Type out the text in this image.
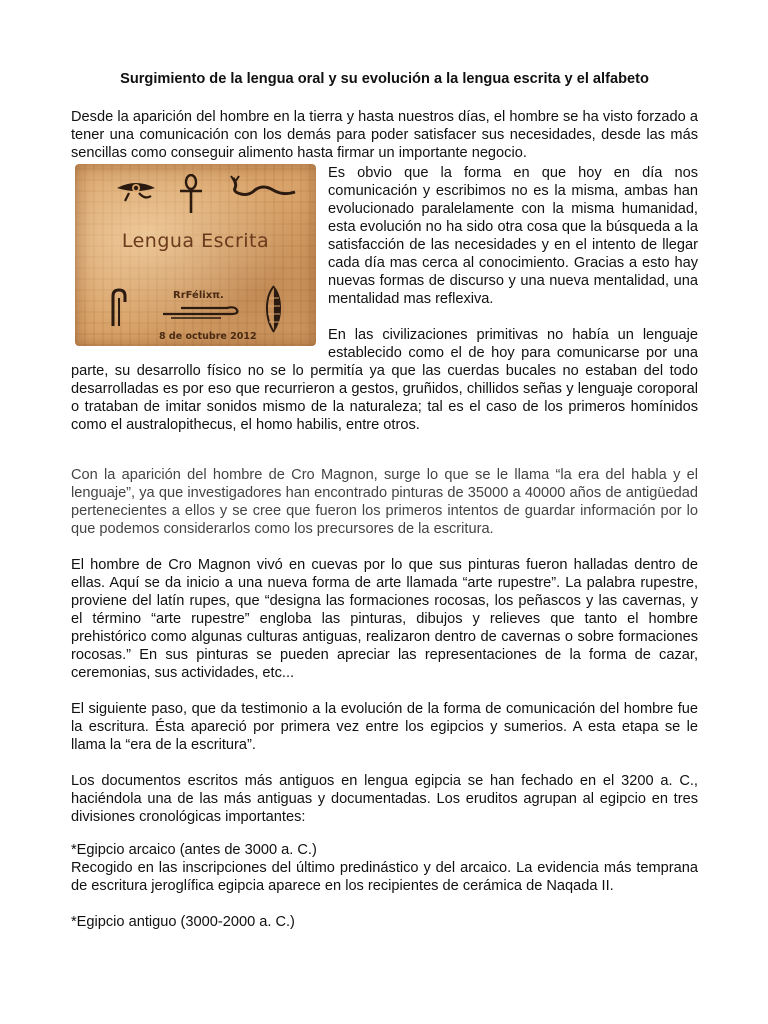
Surgimiento de la lengua oral y su evolución a la lengua escrita y el alfabeto

Desde la aparición del hombre en la tierra y hasta nuestros días, el hombre se ha visto forzado a tener una comunicación con los demás para poder satisfacer sus necesidades, desde las más sencillas como conseguir alimento hasta firmar un importante negocio.

Lengua Escrita
RrFélixπ.
8 de octubre 2012

Es obvio que la forma en que hoy en día nos comunicación y escribimos no es la misma, ambas han evolucionado paralelamente con la misma humanidad, esta evolución no ha sido otra cosa que la búsqueda a la satisfacción de las necesidades y en el intento de llegar cada día mas cerca al conocimiento. Gracias a esto hay nuevas formas de discurso y una nueva mentalidad, una mentalidad mas reflexiva.

En las civilizaciones primitivas no había un lenguaje establecido como el de hoy para comunicarse por una parte, su desarrollo físico no se lo permitía ya que las cuerdas bucales no estaban del todo desarrolladas es por eso que recurrieron a gestos, gruñidos, chillidos señas y lenguaje coroporal o trataban de imitar sonidos mismo de la naturaleza; tal es el caso de los primeros homínidos como el australopithecus, el homo habilis, entre otros.

Con la aparición del hombre de Cro Magnon, surge lo que se le llama “la era del habla y el lenguaje”, ya que investigadores han encontrado pinturas de 35000 a 40000 años de antigüedad pertenecientes a ellos y se cree que fueron los primeros intentos de guardar información por lo que podemos considerarlos como los precursores de la escritura.

El hombre de Cro Magnon vivó en cuevas por lo que sus pinturas fueron halladas dentro de ellas. Aquí se da inicio a una nueva forma de arte llamada “arte rupestre”. La palabra rupestre, proviene del latín rupes, que “designa las formaciones rocosas, los peñascos y las cavernas, y el término “arte rupestre” engloba las pinturas, dibujos y relieves que tanto el hombre prehistórico como algunas culturas antiguas, realizaron dentro de cavernas o sobre formaciones rocosas.” En sus pinturas se pueden apreciar las representaciones de la forma de cazar, ceremonias, sus actividades, etc...

El siguiente paso, que da testimonio a la evolución de la forma de comunicación del hombre fue la escritura. Ésta apareció por primera vez entre los egipcios y sumerios. A esta etapa se le llama la “era de la escritura”.

Los documentos escritos más antiguos en lengua egipcia se han fechado en el 3200 a. C., haciéndola una de las más antiguas y documentadas. Los eruditos agrupan al egipcio en tres divisiones cronológicas importantes:

*Egipcio arcaico (antes de 3000 a. C.)

Recogido en las inscripciones del último predinástico y del arcaico. La evidencia más temprana de escritura jeroglífica egipcia aparece en los recipientes de cerámica de Naqada II.

*Egipcio antiguo (3000-2000 a. C.)
